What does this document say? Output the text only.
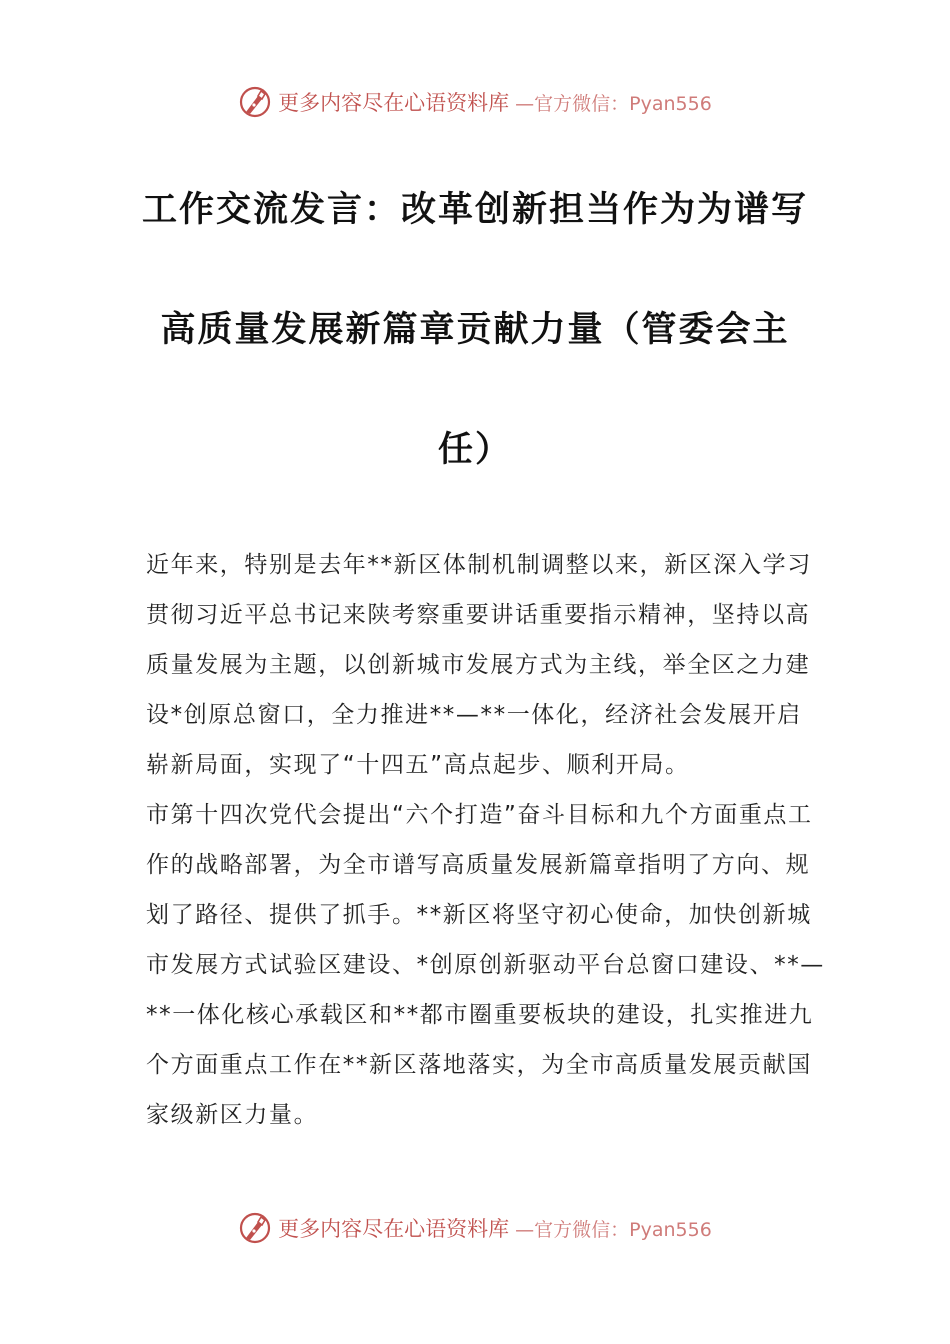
更多内容尽在心语资料库 —官方微信：Pyan556
工作交流发言：改革创新担当作为为谱写
高质量发展新篇章贡献力量（管委会主
任）

近年来，特别是去年**新区体制机制调整以来，新区深入学习贯彻习近平总书记来陕考察重要讲话重要指示精神，坚持以高质量发展为主题，以创新城市发展方式为主线，举全区之力建设*创原总窗口，全力推进**—**一体化，经济社会发展开启崭新局面，实现了“十四五”高点起步、顺利开局。

市第十四次党代会提出“六个打造”奋斗目标和九个方面重点工作的战略部署，为全市谱写高质量发展新篇章指明了方向、规划了路径、提供了抓手。**新区将坚守初心使命，加快创新城市发展方式试验区建设、*创原创新驱动平台总窗口建设、**—**一体化核心承载区和**都市圈重要板块的建设，扎实推进九个方面重点工作在**新区落地落实，为全市高质量发展贡献国家级新区力量。

更多内容尽在心语资料库 —官方微信：Pyan556
